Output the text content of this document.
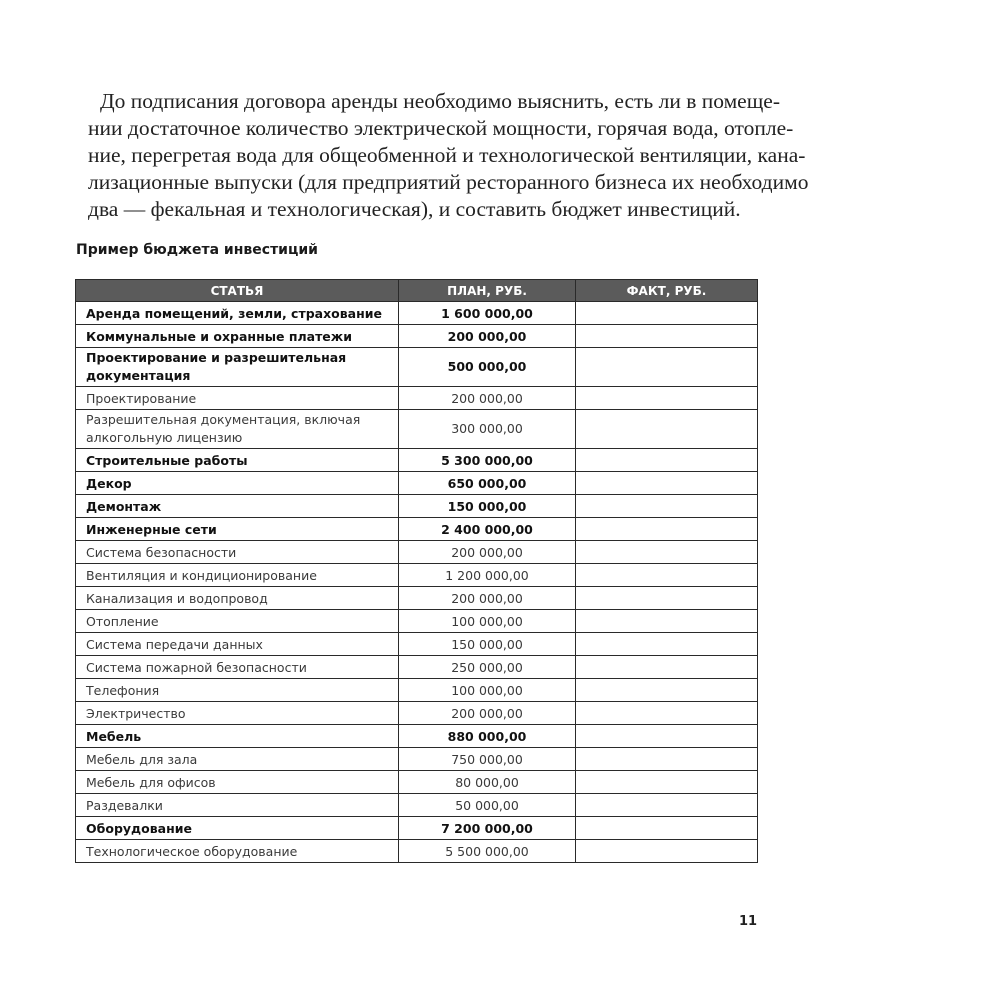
До подписания договора аренды необходимо выяснить, есть ли в помеще-
нии достаточное количество электрической мощности, горячая вода, отопле-
ние, перегретая вода для общеобменной и технологической вентиляции, кана-
лизационные выпуски (для предприятий ресторанного бизнеса их необходимо
два — фекальная и технологическая), и составить бюджет инвестиций.
Пример бюджета инвестиций
СТАТЬЯ	ПЛАН, РУБ.	ФАКТ, РУБ.
Аренда помещений, земли, страхование	1 600 000,00	
Коммунальные и охранные платежи	200 000,00	
Проектирование и разрешительная документация	500 000,00	
Проектирование	200 000,00	
Разрешительная документация, включая алкогольную лицензию	300 000,00	
Строительные работы	5 300 000,00	
Декор	650 000,00	
Демонтаж	150 000,00	
Инженерные сети	2 400 000,00	
Система безопасности	200 000,00	
Вентиляция и кондиционирование	1 200 000,00	
Канализация и водопровод	200 000,00	
Отопление	100 000,00	
Система передачи данных	150 000,00	
Система пожарной безопасности	250 000,00	
Телефония	100 000,00	
Электричество	200 000,00	
Мебель	880 000,00	
Мебель для зала	750 000,00	
Мебель для офисов	80 000,00	
Раздевалки	50 000,00	
Оборудование	7 200 000,00	
Технологическое оборудование	5 500 000,00	
11
